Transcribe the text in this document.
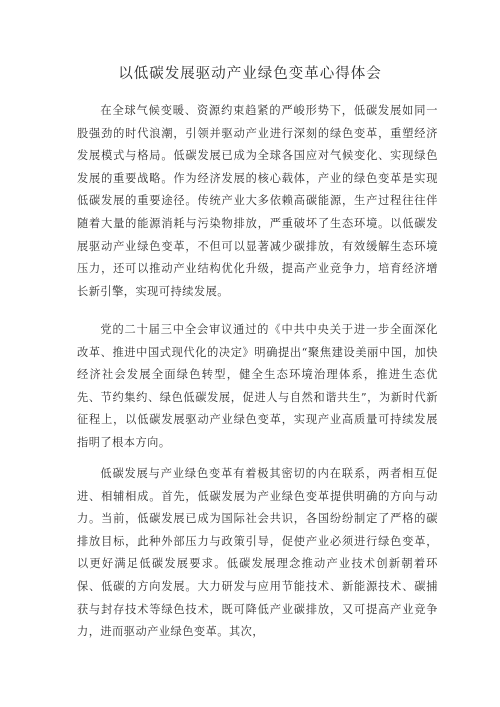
以低碳发展驱动产业绿色变革心得体会

在全球气候变暖、资源约束趋紧的严峻形势下，低碳发展如同一股强劲的时代浪潮，引领并驱动产业进行深刻的绿色变革，重塑经济发展模式与格局。低碳发展已成为全球各国应对气候变化、实现绿色发展的重要战略。作为经济发展的核心载体，产业的绿色变革是实现低碳发展的重要途径。传统产业大多依赖高碳能源，生产过程往往伴随着大量的能源消耗与污染物排放，严重破坏了生态环境。以低碳发展驱动产业绿色变革，不但可以显著减少碳排放，有效缓解生态环境压力，还可以推动产业结构优化升级，提高产业竞争力，培育经济增长新引擎，实现可持续发展。

党的二十届三中全会审议通过的《中共中央关于进一步全面深化改革、推进中国式现代化的决定》明确提出“聚焦建设美丽中国，加快经济社会发展全面绿色转型，健全生态环境治理体系，推进生态优先、节约集约、绿色低碳发展，促进人与自然和谐共生”，为新时代新征程上，以低碳发展驱动产业绿色变革，实现产业高质量可持续发展指明了根本方向。

低碳发展与产业绿色变革有着极其密切的内在联系，两者相互促进、相辅相成。首先，低碳发展为产业绿色变革提供明确的方向与动力。当前，低碳发展已成为国际社会共识，各国纷纷制定了严格的碳排放目标，此种外部压力与政策引导，促使产业必须进行绿色变革，以更好满足低碳发展要求。低碳发展理念推动产业技术创新朝着环保、低碳的方向发展。大力研发与应用节能技术、新能源技术、碳捕获与封存技术等绿色技术，既可降低产业碳排放，又可提高产业竞争力，进而驱动产业绿色变革。其次，
